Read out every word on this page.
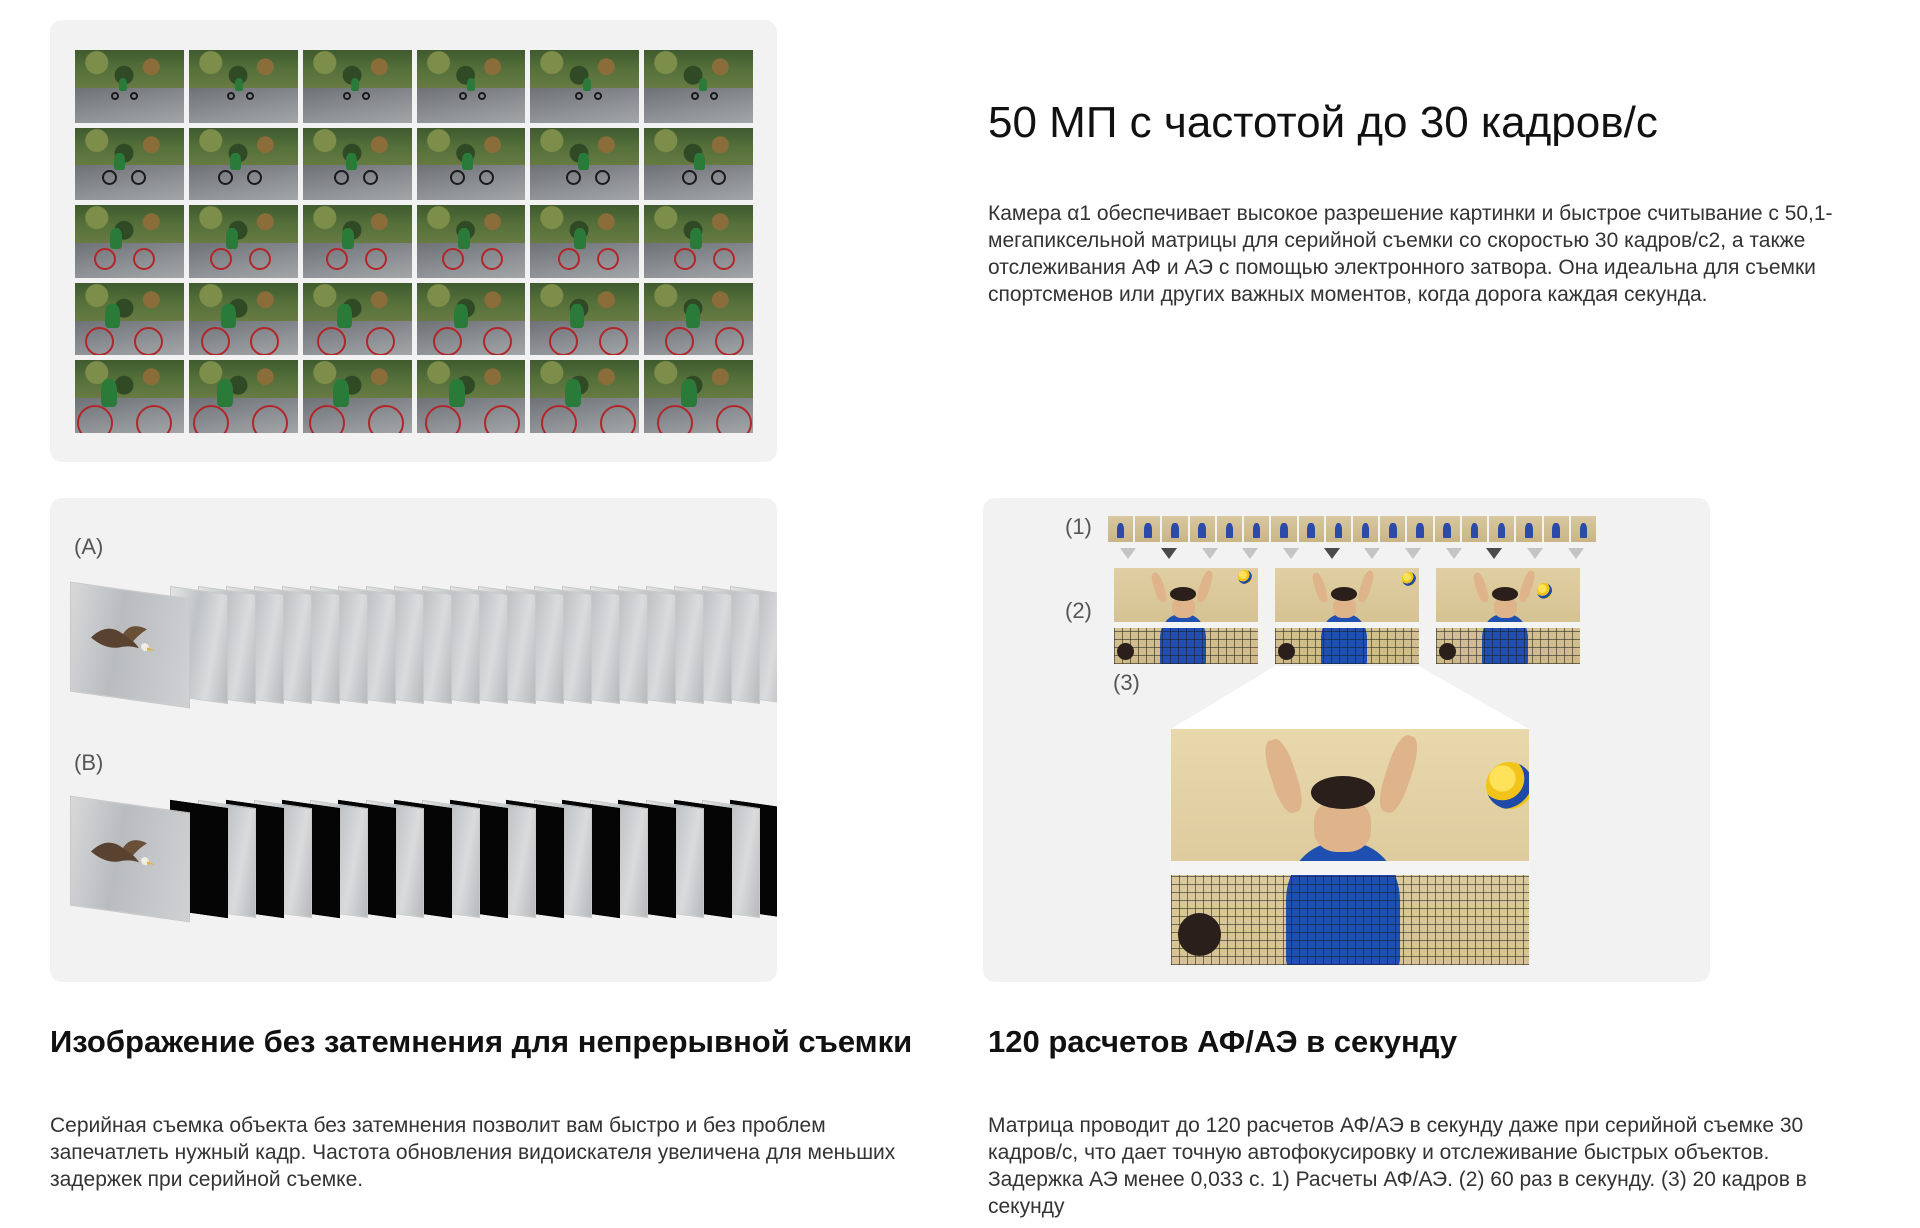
50 МП с частотой до 30 кадров/с

Камера α1 обеспечивает высокое разрешение картинки и быстрое считывание с 50,1-мегапиксельной матрицы для серийной съемки со скоростью 30 кадров/с2, а также отслеживания АФ и АЭ с помощью электронного затвора. Она идеальна для съемки спортсменов или других важных моментов, когда дорога каждая секунда.

(A)
(B)
(1)
(2)
(3)
Изображение без затемнения для непрерывной съемки

Серийная съемка объекта без затемнения позволит вам быстро и без проблем запечатлеть нужный кадр. Частота обновления видоискателя увеличена для меньших задержек при серийной съемке.

120 расчетов АФ/АЭ в секунду

Матрица проводит до 120 расчетов АФ/АЭ в секунду даже при серийной съемке 30 кадров/с, что дает точную автофокусировку и отслеживание быстрых объектов. Задержка АЭ менее 0,033 с. 1) Расчеты АФ/АЭ. (2) 60 раз в секунду. (3) 20 кадров в секунду
